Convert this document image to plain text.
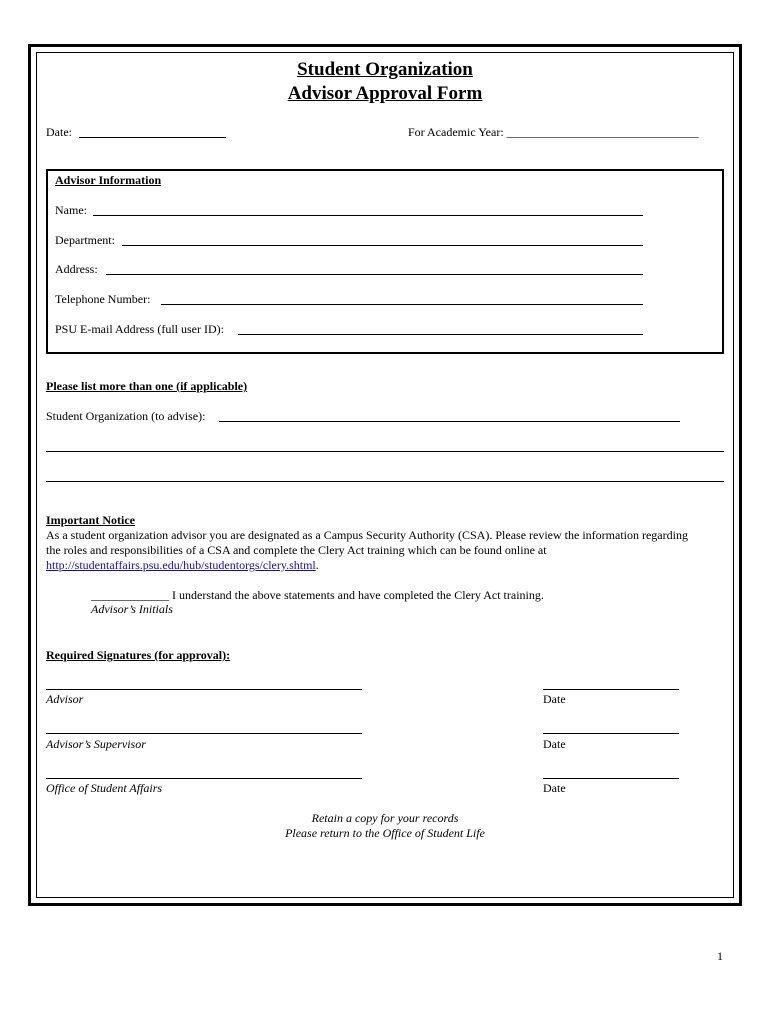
Student Organization
Advisor Approval Form
Date:	For Academic Year: ________________________________
Advisor Information
Name:
Department:
Address:
Telephone Number:
PSU E-mail Address (full user ID):
Please list more than one (if applicable)
Student Organization (to advise):
Important Notice
As a student organization advisor you are designated as a Campus Security Authority (CSA). Please review the information regarding
the roles and responsibilities of a CSA and complete the Clery Act training which can be found online at
http://studentaffairs.psu.edu/hub/studentorgs/clery.shtml.
_____________ I understand the above statements and have completed the Clery Act training.
Advisor’s Initials
Required Signatures (for approval):
Advisor	Date
Advisor’s Supervisor	Date
Office of Student Affairs	Date
Retain a copy for your records
Please return to the Office of Student Life
1
